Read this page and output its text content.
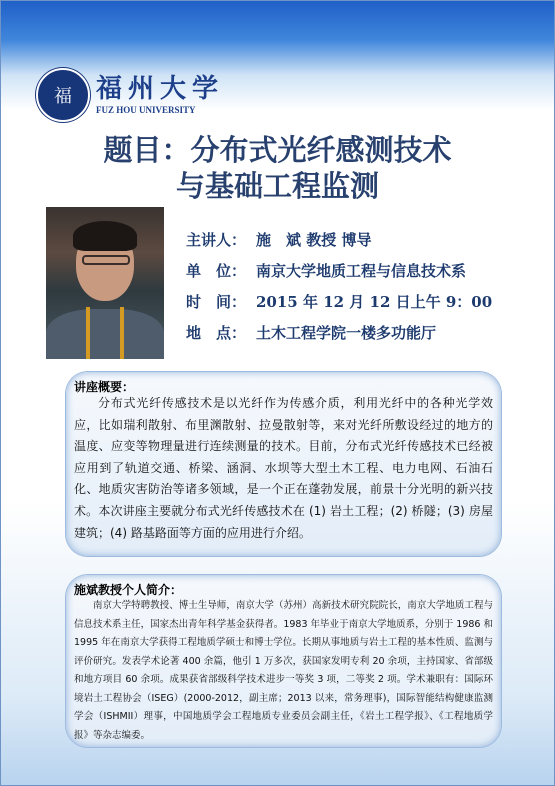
福 福州大学
FUZ HOU UNIVERSITY
题目：分布式光纤感测技术
与基础工程监测
主讲人： 施　斌 教授 博导
单　位： 南京大学地质工程与信息技术系
时　间： 2015 年 12 月 12 日上午 9：00
地　点： 土木工程学院一楼多功能厅
讲座概要：
分布式光纤传感技术是以光纤作为传感介质，利用光纤中的各种光学效应，比如瑞利散射、布里渊散射、拉曼散射等，来对光纤所敷设经过的地方的温度、应变等物理量进行连续测量的技术。目前，分布式光纤传感技术已经被应用到了轨道交通、桥梁、涵洞、水坝等大型土木工程、电力电网、石油石化、地质灾害防治等诸多领域，是一个正在蓬勃发展，前景十分光明的新兴技术。本次讲座主要就分布式光纤传感技术在 (1) 岩土工程；(2) 桥隧；(3) 房屋建筑；(4) 路基路面等方面的应用进行介绍。
施斌教授个人简介：
南京大学特聘教授、博士生导师，南京大学（苏州）高新技术研究院院长，南京大学地质工程与信息技术系主任，国家杰出青年科学基金获得者。1983 年毕业于南京大学地质系，分别于 1986 和 1995 年在南京大学获得工程地质学硕士和博士学位。长期从事地质与岩土工程的基本性质、监测与评价研究。发表学术论著 400 余篇，他引 1 万多次，获国家发明专利 20 余项，主持国家、省部级和地方项目 60 余项。成果获省部级科学技术进步一等奖 3 项，二等奖 2 项。学术兼职有：国际环境岩土工程协会（ISEG）(2000-2012，副主席；2013 以来，常务理事)，国际智能结构健康监测学会（ISHMII）理事，中国地质学会工程地质专业委员会副主任，《岩土工程学报》、《工程地质学报》等杂志编委。
